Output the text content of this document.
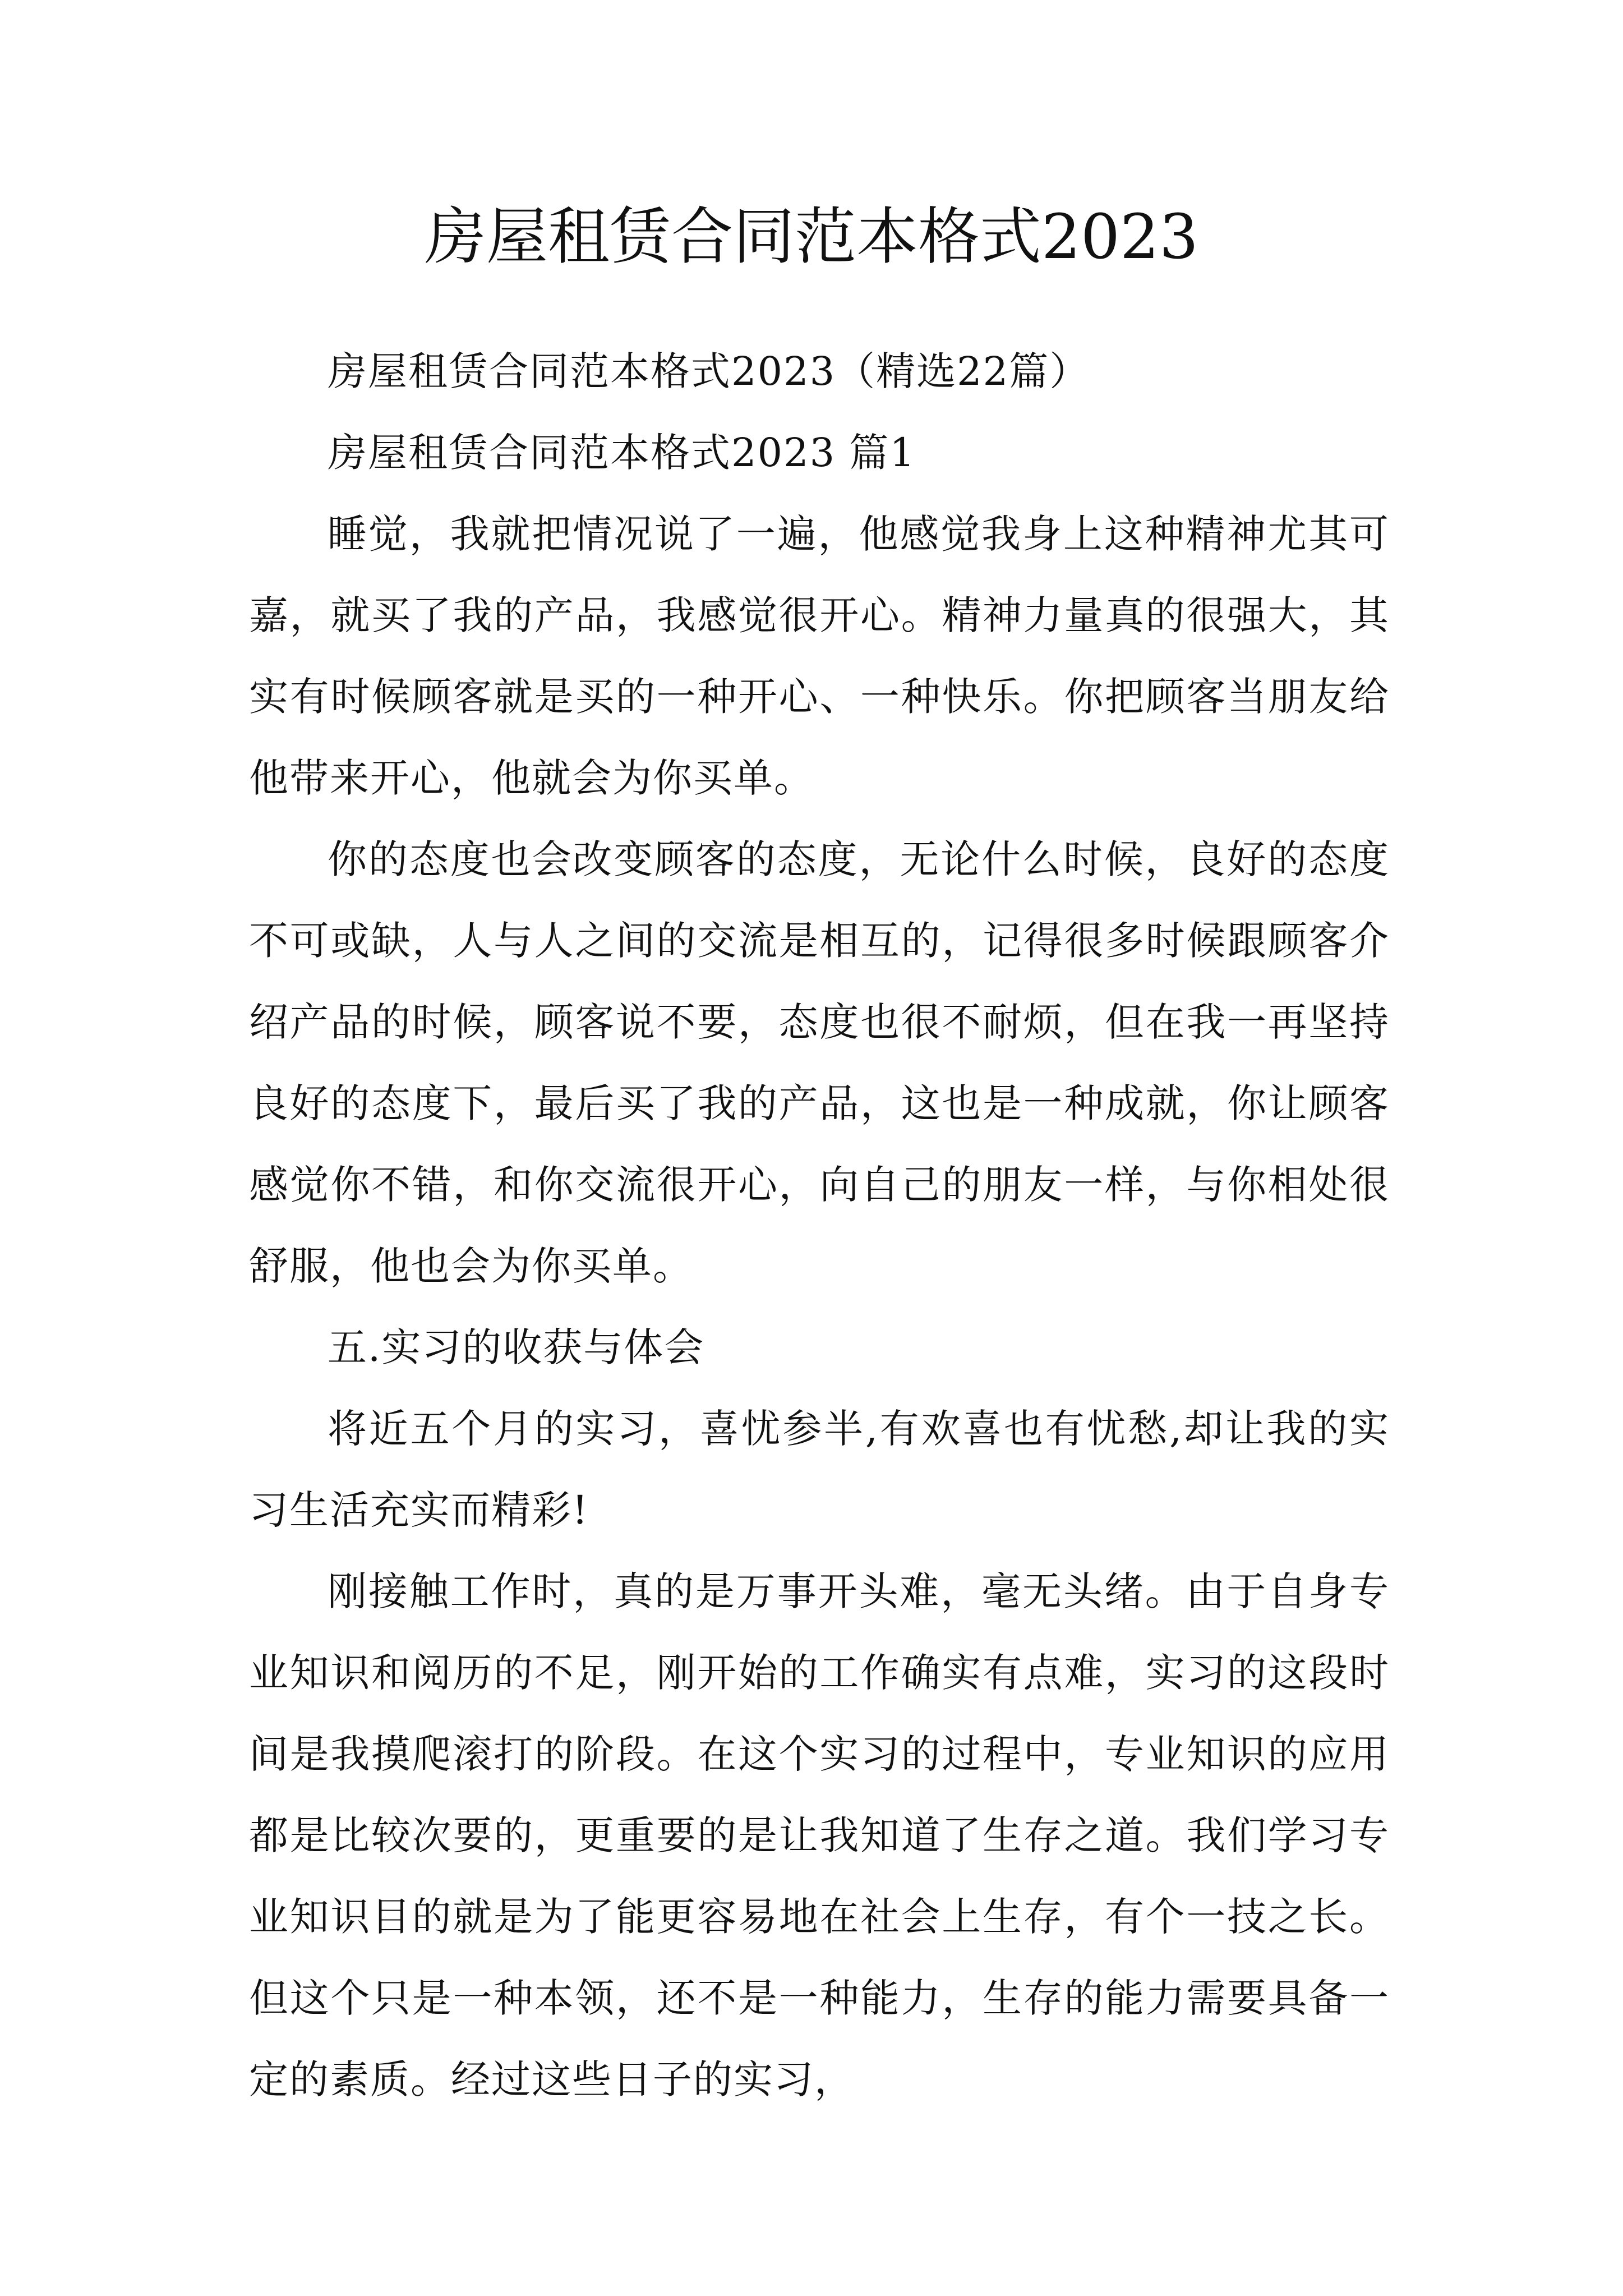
房屋租赁合同范本格式2023

房屋租赁合同范本格式2023（精选22篇）

房屋租赁合同范本格式2023 篇1

睡觉，我就把情况说了一遍，他感觉我身上这种精神尤其可嘉，就买了我的产品，我感觉很开心。精神力量真的很强大，其实有时候顾客就是买的一种开心、一种快乐。你把顾客当朋友给他带来开心，他就会为你买单。

你的态度也会改变顾客的态度，无论什么时候，良好的态度不可或缺，人与人之间的交流是相互的，记得很多时候跟顾客介绍产品的时候，顾客说不要，态度也很不耐烦，但在我一再坚持良好的态度下，最后买了我的产品，这也是一种成就，你让顾客感觉你不错，和你交流很开心，向自己的朋友一样，与你相处很舒服，他也会为你买单。

五.实习的收获与体会

将近五个月的实习，喜忧参半,有欢喜也有忧愁,却让我的实习生活充实而精彩!

刚接触工作时，真的是万事开头难，毫无头绪。由于自身专业知识和阅历的不足，刚开始的工作确实有点难，实习的这段时间是我摸爬滚打的阶段。在这个实习的过程中，专业知识的应用都是比较次要的，更重要的是让我知道了生存之道。我们学习专业知识目的就是为了能更容易地在社会上生存，有个一技之长。但这个只是一种本领，还不是一种能力，生存的能力需要具备一定的素质。经过这些日子的实习，
